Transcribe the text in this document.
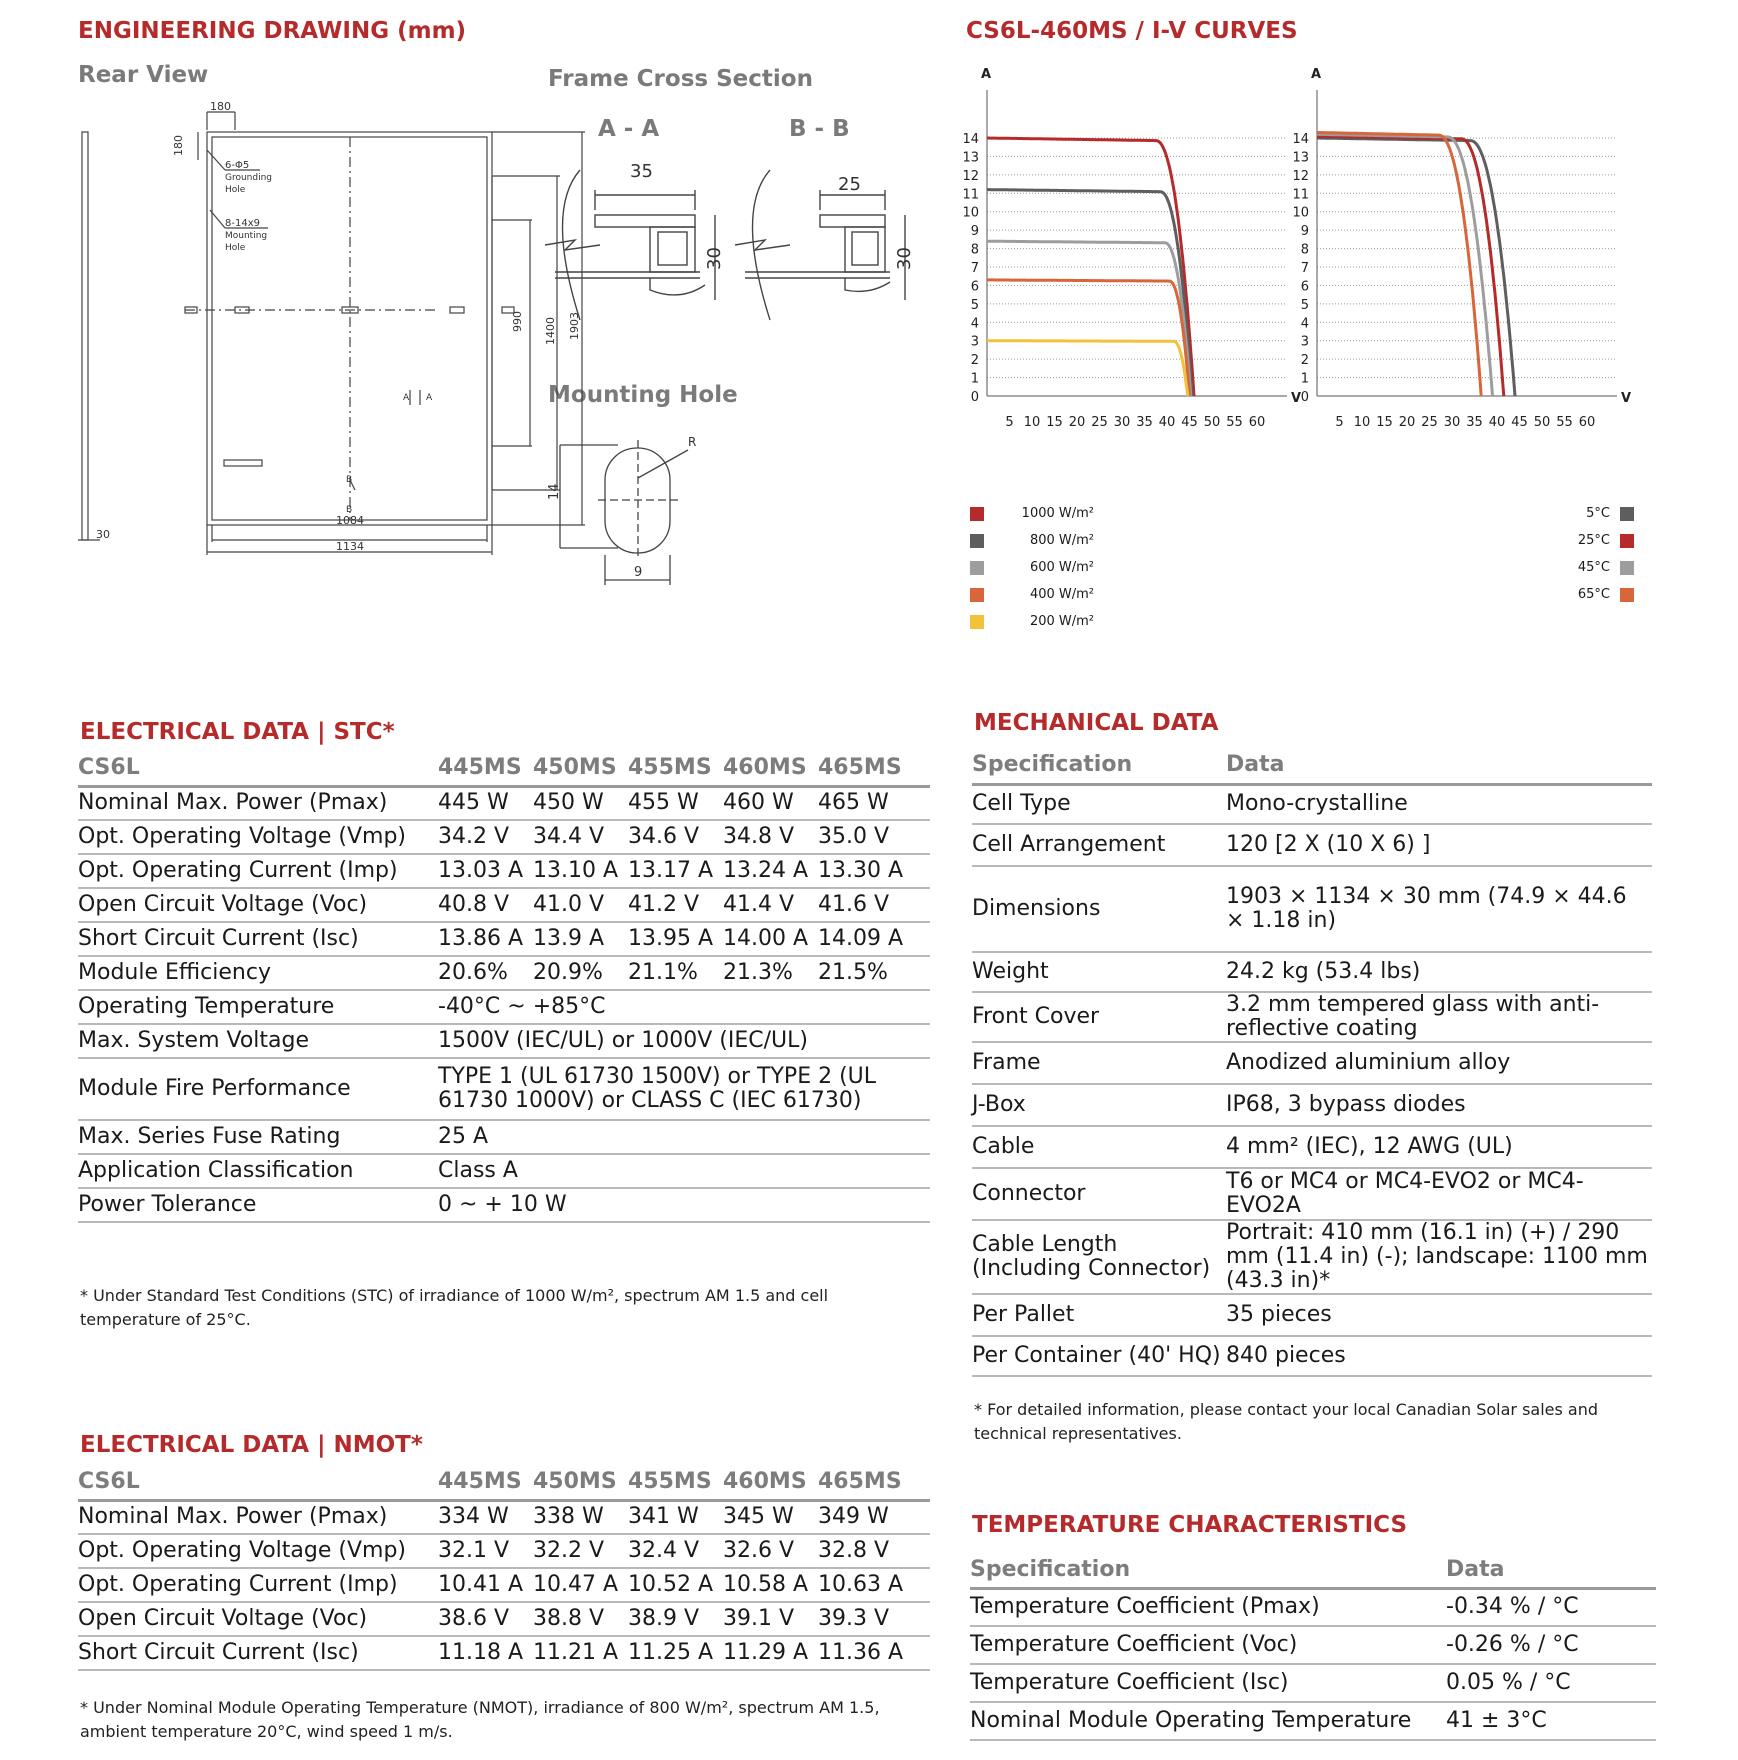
ENGINEERING DRAWING (mm)
Rear View	Frame Cross Section
Mounting Hole
180
180
6-Φ5
Grounding
Hole
8-14x9
Mounting
Hole
990 1400 1903
A A
B
B
1084
1134
30
A - A	B - B
35
30
25
30
14
9
R
CS6L-460MS / I-V CURVES
14
13
12
11
10
9
8
7
6
5
4
3
2
1
0
A
V
5 10 15 20 25 30 35 40 45 50 55 60
14
13
12
11
10
9
8
7
6
5
4
3
2
1
0
A
V
5 10 15 20 25 30 35 40 45 50 55 60
1000 W/m²
800 W/m²
600 W/m²
400 W/m²
200 W/m²
5°C
25°C
45°C
65°C
ELECTRICAL DATA | STC*
CS6L	445MS	450MS	455MS	460MS	465MS
Nominal Max. Power (Pmax)	445 W	450 W	455 W	460 W	465 W
Opt. Operating Voltage (Vmp)	34.2 V	34.4 V	34.6 V	34.8 V	35.0 V
Opt. Operating Current (Imp)	13.03 A	13.10 A	13.17 A	13.24 A	13.30 A
Open Circuit Voltage (Voc)	40.8 V	41.0 V	41.2 V	41.4 V	41.6 V
Short Circuit Current (Isc)	13.86 A	13.9 A	13.95 A	14.00 A	14.09 A
Module Efficiency	20.6%	20.9%	21.1%	21.3%	21.5%
Operating Temperature	-40°C ~ +85°C				
Max. System Voltage	1500V (IEC/UL) or 1000V (IEC/UL)				
Module Fire Performance	TYPE 1 (UL 61730 1500V) or TYPE 2 (UL 61730 1000V) or CLASS C (IEC 61730)				
Max. Series Fuse Rating	25 A				
Application Classification	Class A				
Power Tolerance	0 ~ + 10 W				
* Under Standard Test Conditions (STC) of irradiance of 1000 W/m², spectrum AM 1.5 and cell temperature of 25°C.
ELECTRICAL DATA | NMOT*
CS6L	445MS	450MS	455MS	460MS	465MS
Nominal Max. Power (Pmax)	334 W	338 W	341 W	345 W	349 W
Opt. Operating Voltage (Vmp)	32.1 V	32.2 V	32.4 V	32.6 V	32.8 V
Opt. Operating Current (Imp)	10.41 A	10.47 A	10.52 A	10.58 A	10.63 A
Open Circuit Voltage (Voc)	38.6 V	38.8 V	38.9 V	39.1 V	39.3 V
Short Circuit Current (Isc)	11.18 A	11.21 A	11.25 A	11.29 A	11.36 A
* Under Nominal Module Operating Temperature (NMOT), irradiance of 800 W/m², spectrum AM 1.5, ambient temperature 20°C, wind speed 1 m/s.
MECHANICAL DATA
Specification	Data
Cell Type	Mono-crystalline
Cell Arrangement	120 [2 X (10 X 6) ]
Dimensions	1903 × 1134 × 30 mm (74.9 × 44.6 × 1.18 in)
Weight	24.2 kg (53.4 lbs)
Front Cover	3.2 mm tempered glass with anti-reflective coating
Frame	Anodized aluminium alloy
J-Box	IP68, 3 bypass diodes
Cable	4 mm² (IEC), 12 AWG (UL)
Connector	T6 or MC4 or MC4-EVO2 or MC4-EVO2A
Cable Length (Including Connector)	Portrait: 410 mm (16.1 in) (+) / 290 mm (11.4 in) (-); landscape: 1100 mm (43.3 in)*
Per Pallet	35 pieces
Per Container (40' HQ)	840 pieces
* For detailed information, please contact your local Canadian Solar sales and technical representatives.
TEMPERATURE CHARACTERISTICS
Specification	Data
Temperature Coefficient (Pmax)	-0.34 % / °C
Temperature Coefficient (Voc)	-0.26 % / °C
Temperature Coefficient (Isc)	0.05 % / °C
Nominal Module Operating Temperature	41 ± 3°C
